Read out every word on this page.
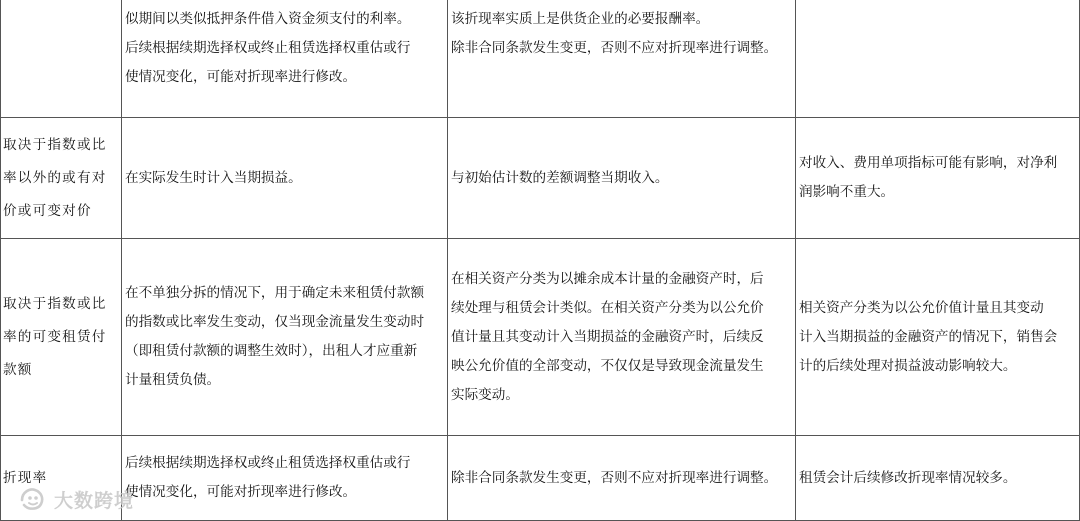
	似期间以类似抵押条件借入资金须支付的利率。
后续根据续期选择权或终止租赁选择权重估或行
使情况变化，可能对折现率进行修改。	该折现率实质上是供货企业的必要报酬率。
除非合同条款发生变更，否则不应对折现率进行调整。	

取决于指数或比
率以外的或有对
价或可变对价	在实际发生时计入当期损益。	与初始估计数的差额调整当期收入。	对收入、费用单项指标可能有影响，对净利
润影响不重大。

取决于指数或比
率的可变租赁付
款额	在不单独分拆的情况下，用于确定未来租赁付款额
的指数或比率发生变动，仅当现金流量发生变动时
（即租赁付款额的调整生效时），出租人才应重新
计量租赁负债。	在相关资产分类为以摊余成本计量的金融资产时，后
续处理与租赁会计类似。在相关资产分类为以公允价
值计量且其变动计入当期损益的金融资产时，后续反
映公允价值的全部变动，不仅仅是导致现金流量发生
实际变动。	相关资产分类为以公允价值计量且其变动
计入当期损益的金融资产的情况下，销售会
计的后续处理对损益波动影响较大。

折现率	后续根据续期选择权或终止租赁选择权重估或行
使情况变化，可能对折现率进行修改。	除非合同条款发生变更，否则不应对折现率进行调整。	租赁会计后续修改折现率情况较多。
大数跨境
